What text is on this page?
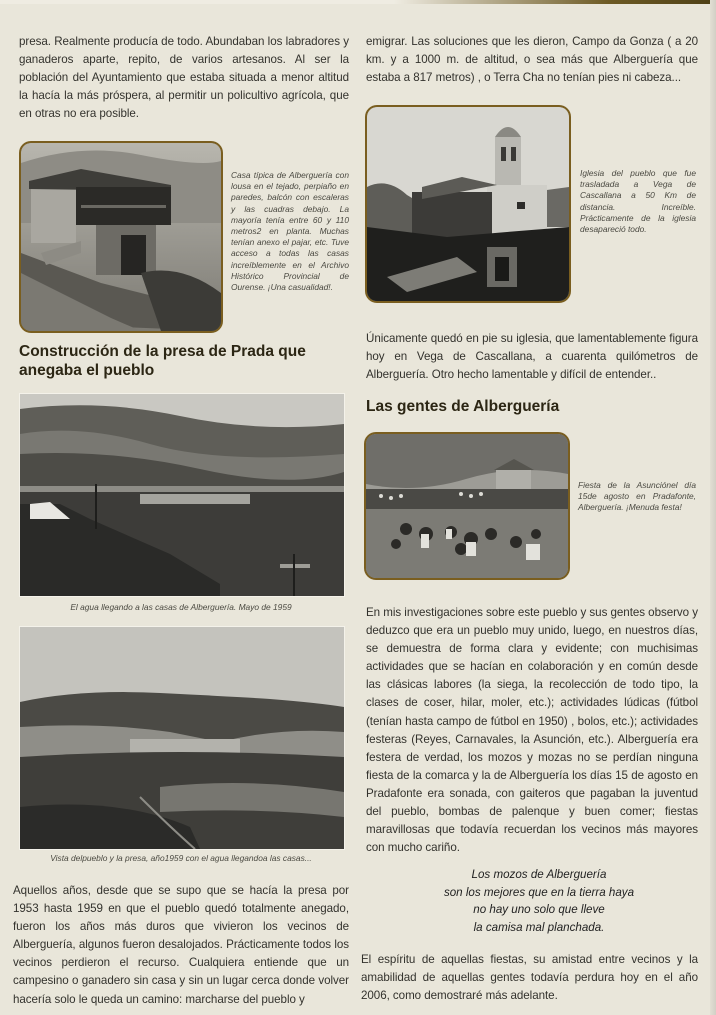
presa. Realmente producía de todo. Abundaban los labradores y ganaderos aparte, repito, de varios artesanos. Al ser la población del Ayuntamiento que estaba situada a menor altitud la hacía la más próspera, al permitir un policultivo agrícola, que en otras no era posible.

Casa típica de Alberguería con lousa en el tejado, perpiaño en paredes, balcón con escaleras y las cuadras debajo. La mayoría tenía entre 60 y 110 metros2 en planta. Muchas tenían anexo el pajar, etc. Tuve acceso a todas las casas increíblemente en el Archivo Histórico Provincial de Ourense. ¡Una casualidad!.

Construcción de la presa de Prada que anegaba el pueblo

El agua llegando a las casas de Alberguería. Mayo de 1959

Vista delpueblo y la presa, año1959 con el agua llegandoa las casas...

Aquellos años, desde que se supo que se hacía la presa por 1953 hasta 1959 en que el pueblo quedó totalmente anegado, fueron los años más duros que vivieron los vecinos de Alberguería, algunos fueron desalojados. Prácticamente todos los vecinos perdieron el recurso. Cualquiera entiende que un campesino o ganadero sin casa y sin un lugar cerca donde volver hacería solo le queda un camino: marcharse del pueblo y

emigrar. Las soluciones que les dieron, Campo da Gonza ( a 20 km. y a 1000 m. de altitud, o sea más que Alberguería que estaba a 817 metros) , o Terra Cha no tenían pies ni cabeza...

Iglesia del pueblo que fue trasladada a Vega de Cascallana a 50 Km de distancia. Increíble. Prácticamente de la iglesia desapareció todo.

Únicamente quedó en pie su iglesia, que lamentablemente figura hoy en Vega de Cascallana, a cuarenta quilómetros de Alberguería. Otro hecho lamentable y difícil de entender..

Las gentes de Alberguería

Fiesta de la Asunciónel día 15de agosto en Pradafonte, Alberguería. ¡Menuda festa!

En mis investigaciones sobre este pueblo y sus gentes observo y deduzco que era un pueblo muy unido, luego, en nuestros días, se demuestra de forma clara y evidente; con muchisimas actividades que se hacían en colaboración y en común desde las clásicas labores (la siega, la recolección de todo tipo, la clases de coser, hilar, moler, etc.); actividades lúdicas (fútbol (tenían hasta campo de fútbol en 1950) , bolos, etc.); actividades festeras (Reyes, Carnavales, la Asunción, etc.). Alberguería era festera de verdad, los mozos y mozas no se perdían ninguna fiesta de la comarca y la de Alberguería los días 15 de agosto en Pradafonte era sonada, con gaiteros que pagaban la juventud del pueblo, bombas de palenque y buen comer; fiestas maravillosas que todavía recuerdan los vecinos más mayores con mucho cariño.

Los mozos de Alberguería
son los mejores que en la tierra haya
no hay uno solo que lleve
la camisa mal planchada.

El espíritu de aquellas fiestas, su amistad entre vecinos y la amabilidad de aquellas gentes todavía perdura hoy en el año 2006, como demostraré más adelante.
